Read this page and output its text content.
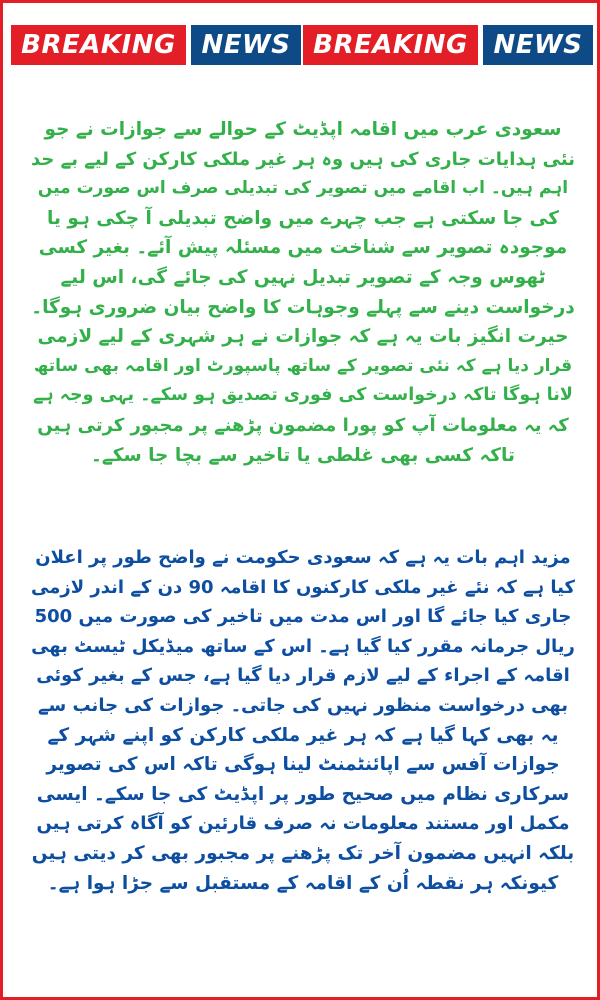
BREAKING NEWS BREAKING NEWS
سعودی عرب میں اقامہ اپڈیٹ کے حوالے سے جوازات نے جو
نئی ہدایات جاری کی ہیں وہ ہر غیر ملکی کارکن کے لیے بے حد
اہم ہیں۔ اب اقامے میں تصویر کی تبدیلی صرف اس صورت میں
کی جا سکتی ہے جب چہرے میں واضح تبدیلی آ چکی ہو یا
موجودہ تصویر سے شناخت میں مسئلہ پیش آئے۔ بغیر کسی
ٹھوس وجہ کے تصویر تبدیل نہیں کی جائے گی، اس لیے
درخواست دینے سے پہلے وجوہات کا واضح بیان ضروری ہوگا۔
حیرت انگیز بات یہ ہے کہ جوازات نے ہر شہری کے لیے لازمی
قرار دیا ہے کہ نئی تصویر کے ساتھ پاسپورٹ اور اقامہ بھی ساتھ
لانا ہوگا تاکہ درخواست کی فوری تصدیق ہو سکے۔ یہی وجہ ہے
کہ یہ معلومات آپ کو پورا مضمون پڑھنے پر مجبور کرتی ہیں
تاکہ کسی بھی غلطی یا تاخیر سے بچا جا سکے۔
مزید اہم بات یہ ہے کہ سعودی حکومت نے واضح طور پر اعلان
کیا ہے کہ نئے غیر ملکی کارکنوں کا اقامہ 90 دن کے اندر لازمی
جاری کیا جائے گا اور اس مدت میں تاخیر کی صورت میں 500
ریال جرمانہ مقرر کیا گیا ہے۔ اس کے ساتھ میڈیکل ٹیسٹ بھی
اقامہ کے اجراء کے لیے لازم قرار دیا گیا ہے، جس کے بغیر کوئی
بھی درخواست منظور نہیں کی جاتی۔ جوازات کی جانب سے
یہ بھی کہا گیا ہے کہ ہر غیر ملکی کارکن کو اپنے شہر کے
جوازات آفس سے اپائنٹمنٹ لینا ہوگی تاکہ اس کی تصویر
سرکاری نظام میں صحیح طور پر اپڈیٹ کی جا سکے۔ ایسی
مکمل اور مستند معلومات نہ صرف قارئین کو آگاہ کرتی ہیں
بلکہ انہیں مضمون آخر تک پڑھنے پر مجبور بھی کر دیتی ہیں
کیونکہ ہر نقطہ اُن کے اقامہ کے مستقبل سے جڑا ہوا ہے۔
